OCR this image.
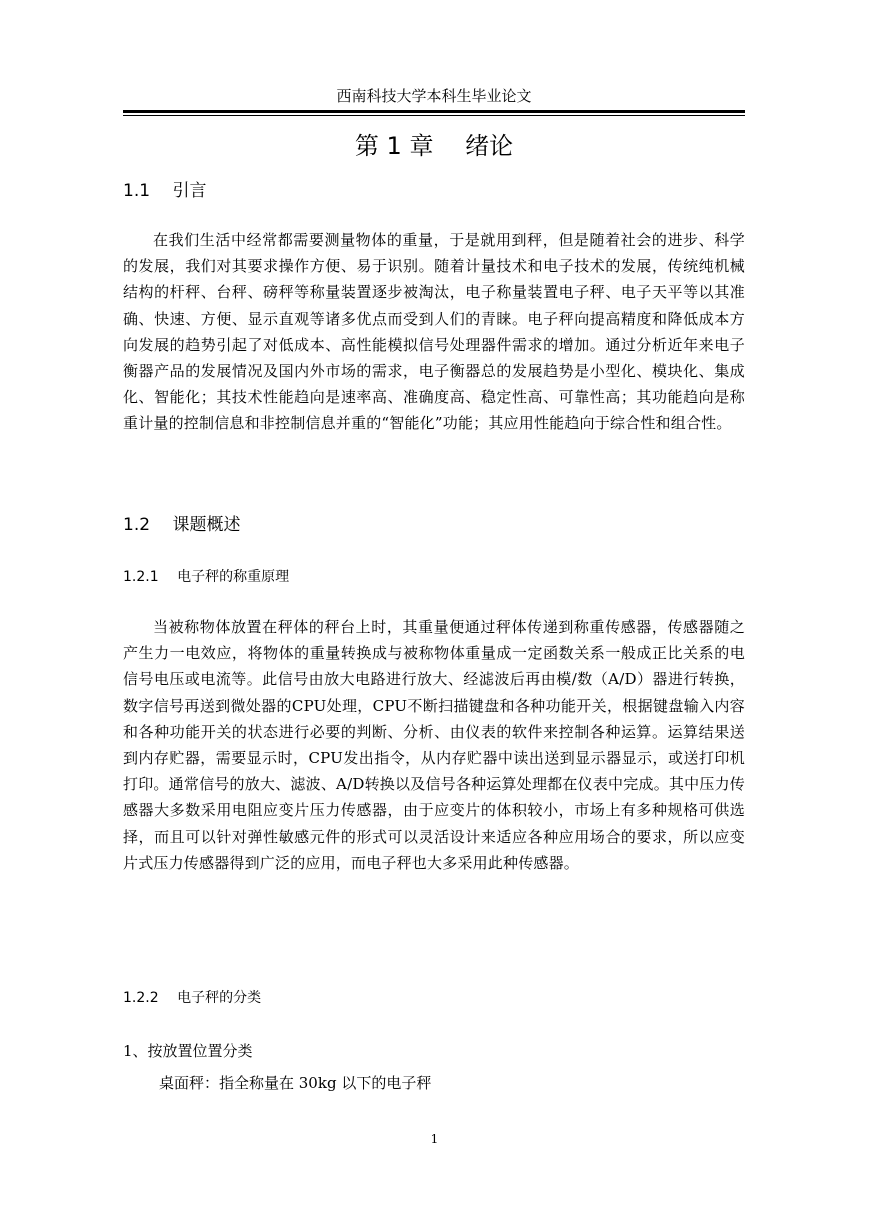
西南科技大学本科生毕业论文
第 1 章　 绪论
1.1　 引言
在我们生活中经常都需要测量物体的重量，于是就用到秤，但是随着社会的进步、科学的发展，我们对其要求操作方便、易于识别。随着计量技术和电子技术的发展，传统纯机械结构的杆秤、台秤、磅秤等称量装置逐步被淘汰，电子称量装置电子秤、电子天平等以其准确、快速、方便、显示直观等诸多优点而受到人们的青睐。电子秤向提高精度和降低成本方向发展的趋势引起了对低成本、高性能模拟信号处理器件需求的增加。通过分析近年来电子衡器产品的发展情况及国内外市场的需求，电子衡器总的发展趋势是小型化、模块化、集成化、智能化；其技术性能趋向是速率高、准确度高、稳定性高、可靠性高；其功能趋向是称重计量的控制信息和非控制信息并重的“智能化”功能；其应用性能趋向于综合性和组合性。
1.2　 课题概述
1.2.1　 电子秤的称重原理
当被称物体放置在秤体的秤台上时，其重量便通过秤体传递到称重传感器，传感器随之产生力一电效应，将物体的重量转换成与被称物体重量成一定函数关系一般成正比关系的电信号电压或电流等。此信号由放大电路进行放大、经滤波后再由模/数（A/D）器进行转换，数字信号再送到微处器的CPU处理，CPU不断扫描键盘和各种功能开关，根据键盘输入内容和各种功能开关的状态进行必要的判断、分析、由仪表的软件来控制各种运算。运算结果送到内存贮器，需要显示时，CPU发出指令，从内存贮器中读出送到显示器显示，或送打印机打印。通常信号的放大、滤波、A/D转换以及信号各种运算处理都在仪表中完成。其中压力传感器大多数采用电阻应变片压力传感器，由于应变片的体积较小，市场上有多种规格可供选择，而且可以针对弹性敏感元件的形式可以灵活设计来适应各种应用场合的要求，所以应变片式压力传感器得到广泛的应用，而电子秤也大多采用此种传感器。
1.2.2　 电子秤的分类
1、按放置位置分类
桌面秤：指全称量在 30kg 以下的电子秤
1
